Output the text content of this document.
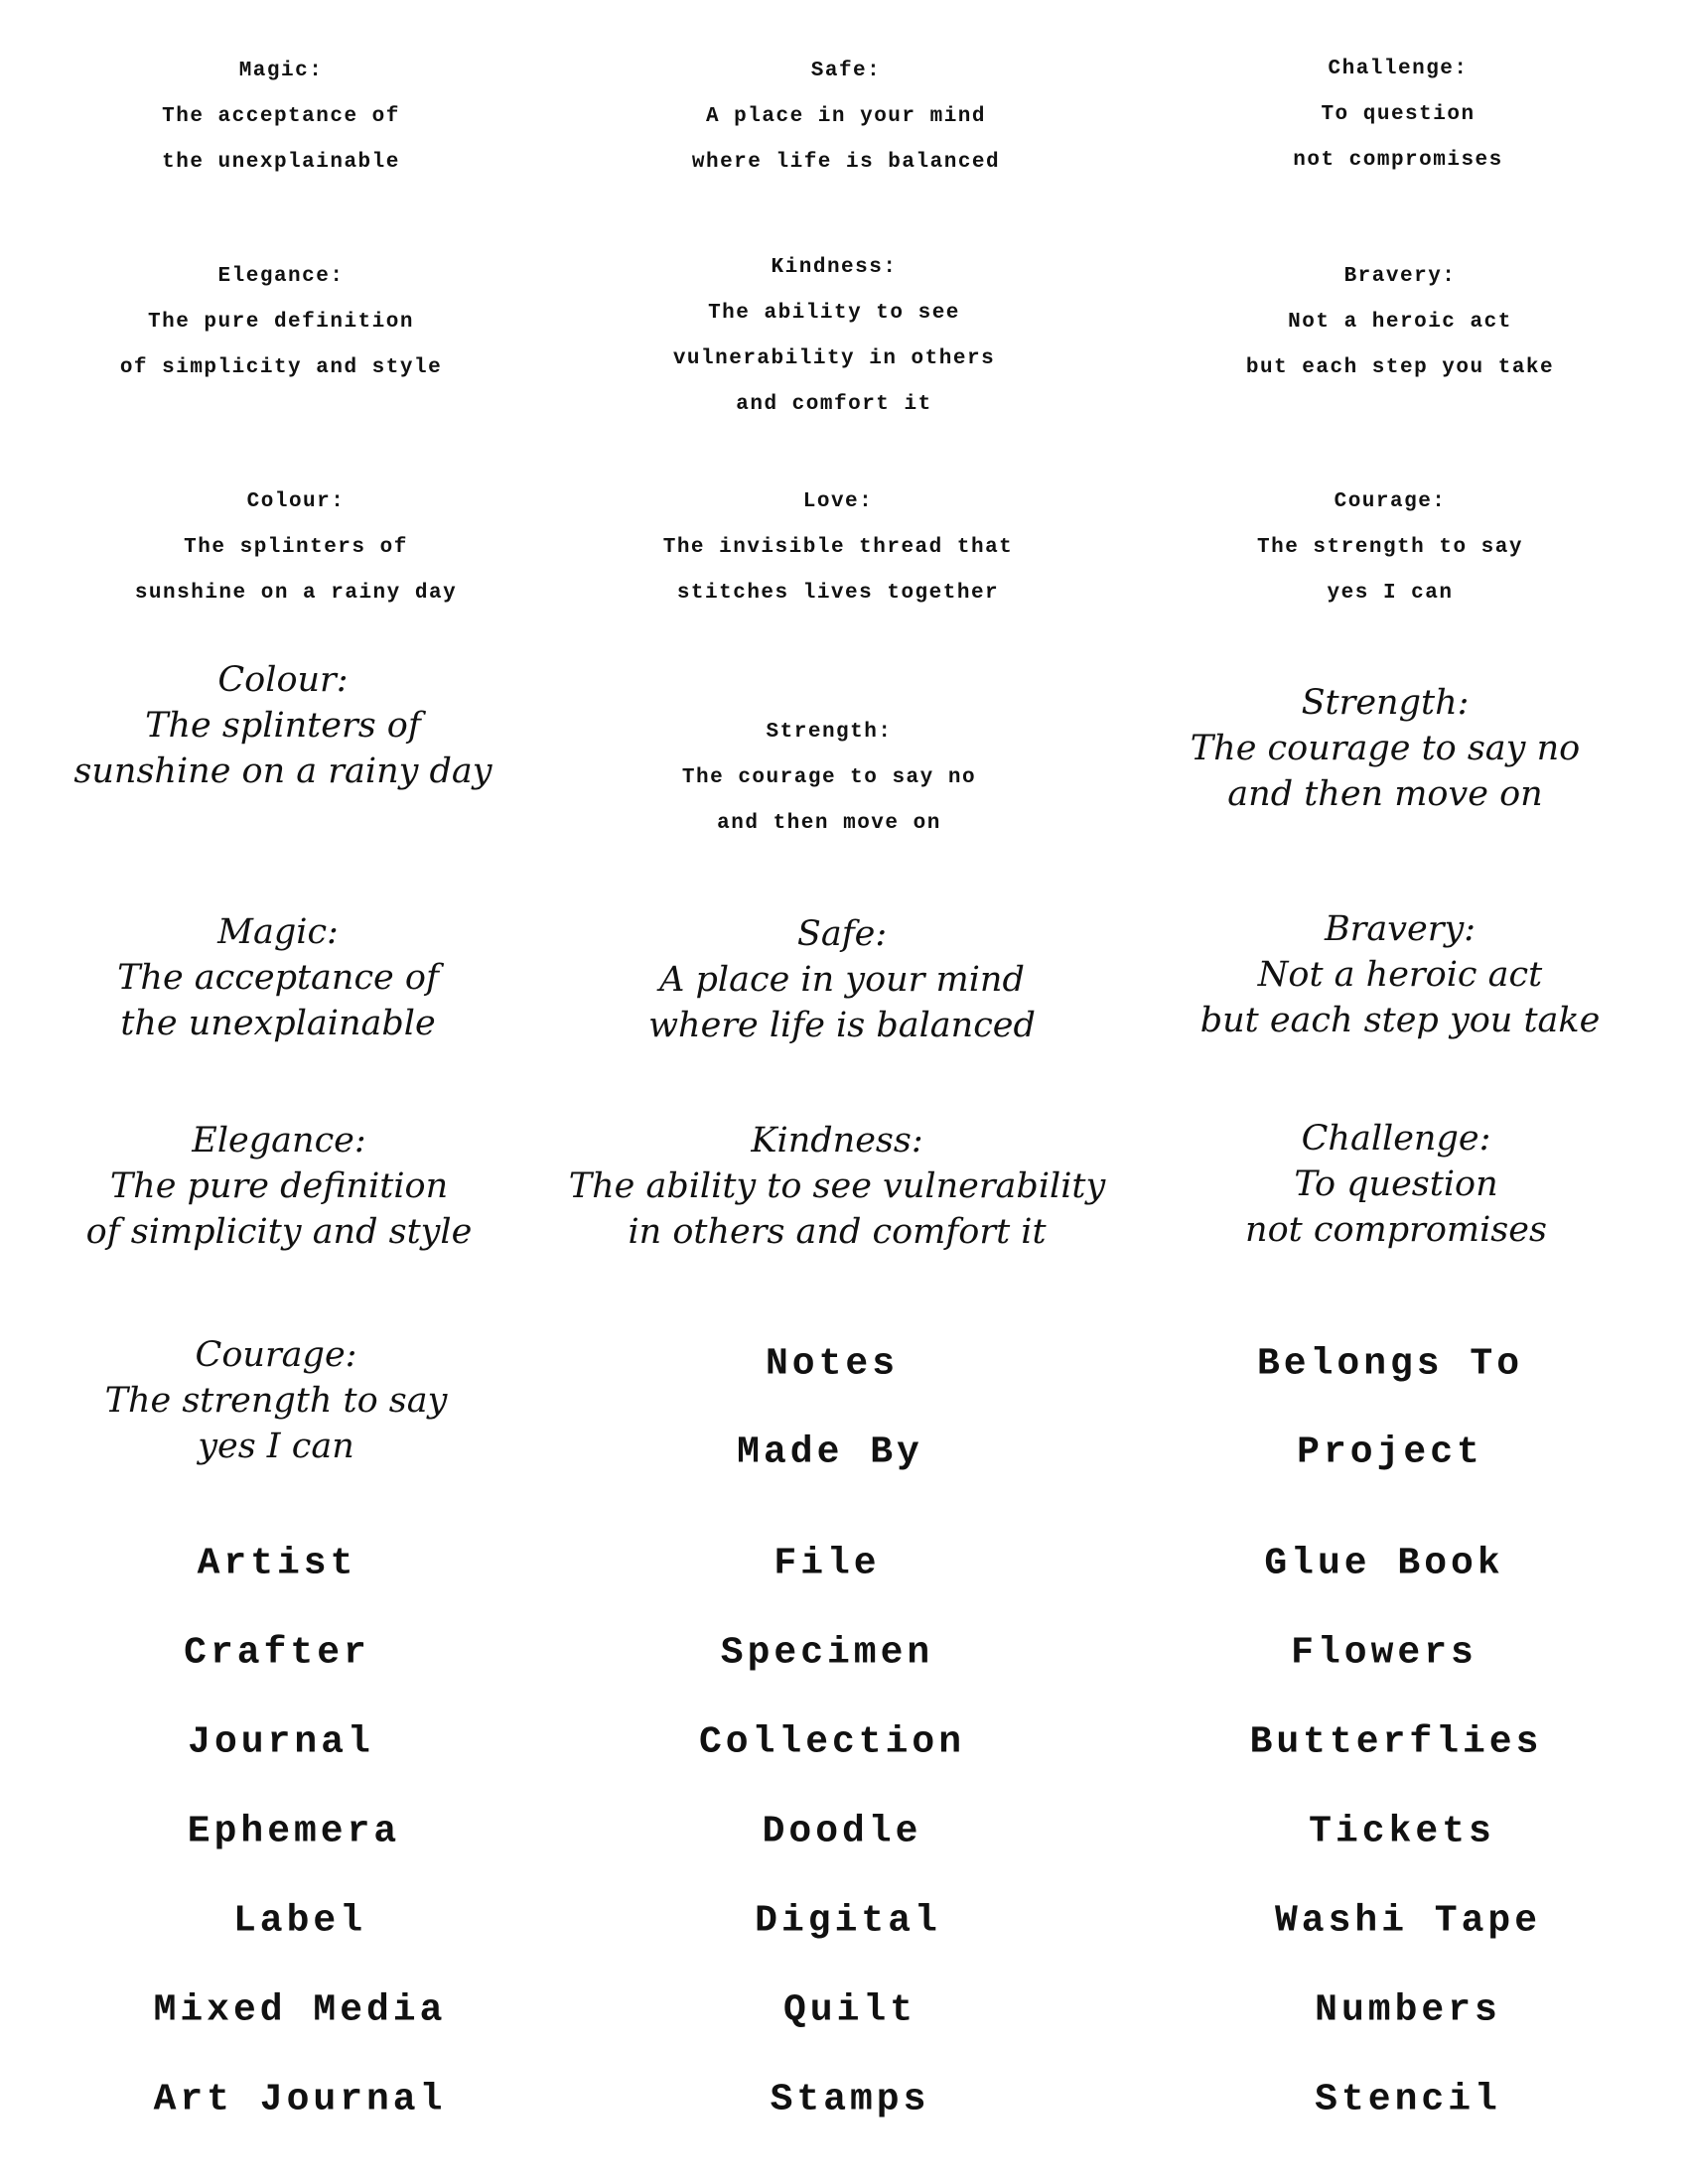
Magic:
The acceptance of
the unexplainable
Safe:
A place in your mind
where life is balanced
Challenge:
To question
not compromises
Elegance:
The pure definition
of simplicity and style
Kindness:
The ability to see
vulnerability in others
and comfort it
Bravery:
Not a heroic act
but each step you take
Colour:
The splinters of
sunshine on a rainy day
Love:
The invisible thread that
stitches lives together
Courage:
The strength to say
yes I can
Strength:
The courage to say no
and then move on
Colour:
The splinters of
sunshine on a rainy day
Strength:
The courage to say no
and then move on
Magic:
The acceptance of
the unexplainable
Safe:
A place in your mind
where life is balanced
Bravery:
Not a heroic act
but each step you take
Elegance:
The pure definition
of simplicity and style
Kindness:
The ability to see vulnerability
in others and comfort it
Challenge:
To question
not compromises
Courage:
The strength to say
yes I can
Notes	Belongs To
Made By	Project
Artist
Crafter
Journal
Ephemera
Label
Mixed Media
Art Journal
File
Specimen
Collection
Doodle
Digital
Quilt
Stamps
Glue Book
Flowers
Butterflies
Tickets
Washi Tape
Numbers
Stencil
